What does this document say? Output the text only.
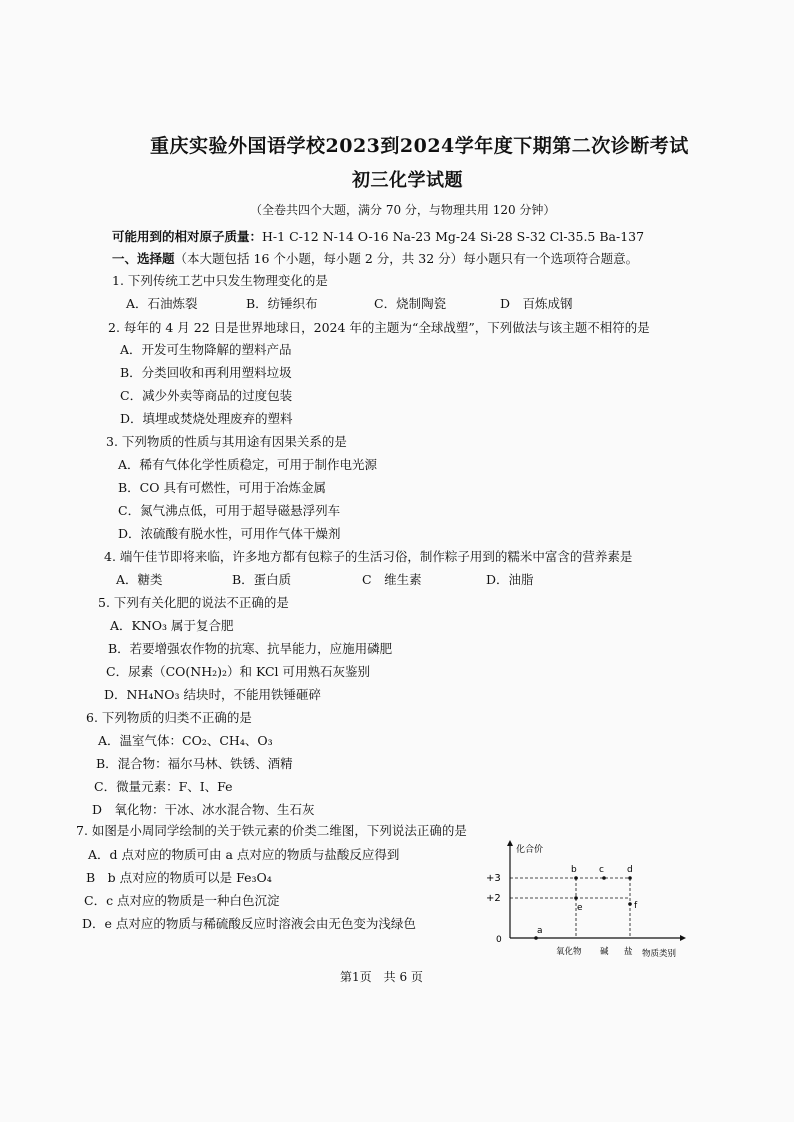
重庆实验外国语学校2023到2024学年度下期第二次诊断考试
初三化学试题
（全卷共四个大题，满分 70 分，与物理共用 120 分钟）
可能用到的相对原子质量：H-1 C-12 N-14 O-16 Na-23 Mg-24 Si-28 S-32 Cl-35.5 Ba-137
一、选择题（本大题包括 16 个小题，每小题 2 分，共 32 分）每小题只有一个选项符合题意。
1. 下列传统工艺中只发生物理变化的是
A．石油炼裂	B．纺锤织布	C．烧制陶瓷	D　百炼成钢
2. 每年的 4 月 22 日是世界地球日，2024 年的主题为“全球战塑”，下列做法与该主题不相符的是
A．开发可生物降解的塑料产品
B．分类回收和再利用塑料垃圾
C．减少外卖等商品的过度包装
D．填埋或焚烧处理废弃的塑料
3. 下列物质的性质与其用途有因果关系的是
A．稀有气体化学性质稳定，可用于制作电光源
B．CO 具有可燃性，可用于冶炼金属
C．氮气沸点低，可用于超导磁悬浮列车
D．浓硫酸有脱水性，可用作气体干燥剂
4. 端午佳节即将来临，许多地方都有包粽子的生活习俗，制作粽子用到的糯米中富含的营养素是
A．糖类	B．蛋白质	C　维生素	D．油脂
5. 下列有关化肥的说法不正确的是
A．KNO₃ 属于复合肥
B．若要增强农作物的抗寒、抗旱能力，应施用磷肥
C．尿素（CO(NH₂)₂）和 KCl 可用熟石灰鉴别
D．NH₄NO₃ 结块时，不能用铁锤砸碎
6. 下列物质的归类不正确的是
A．温室气体：CO₂、CH₄、O₃
B．混合物：福尔马林、铁锈、酒精
C．微量元素：F、I、Fe
D　氧化物：干冰、冰水混合物、生石灰
7. 如图是小周同学绘制的关于铁元素的价类二维图，下列说法正确的是
A．d 点对应的物质可由 a 点对应的物质与盐酸反应得到
B　b 点对应的物质可以是 Fe₃O₄
C．c 点对应的物质是一种白色沉淀
D．e 点对应的物质与稀硫酸反应时溶液会由无色变为浅绿色
化合价
+3
+2
0
a
b c	d
e	f
氧化物 碱 盐 物质类别
第1页　共 6 页
